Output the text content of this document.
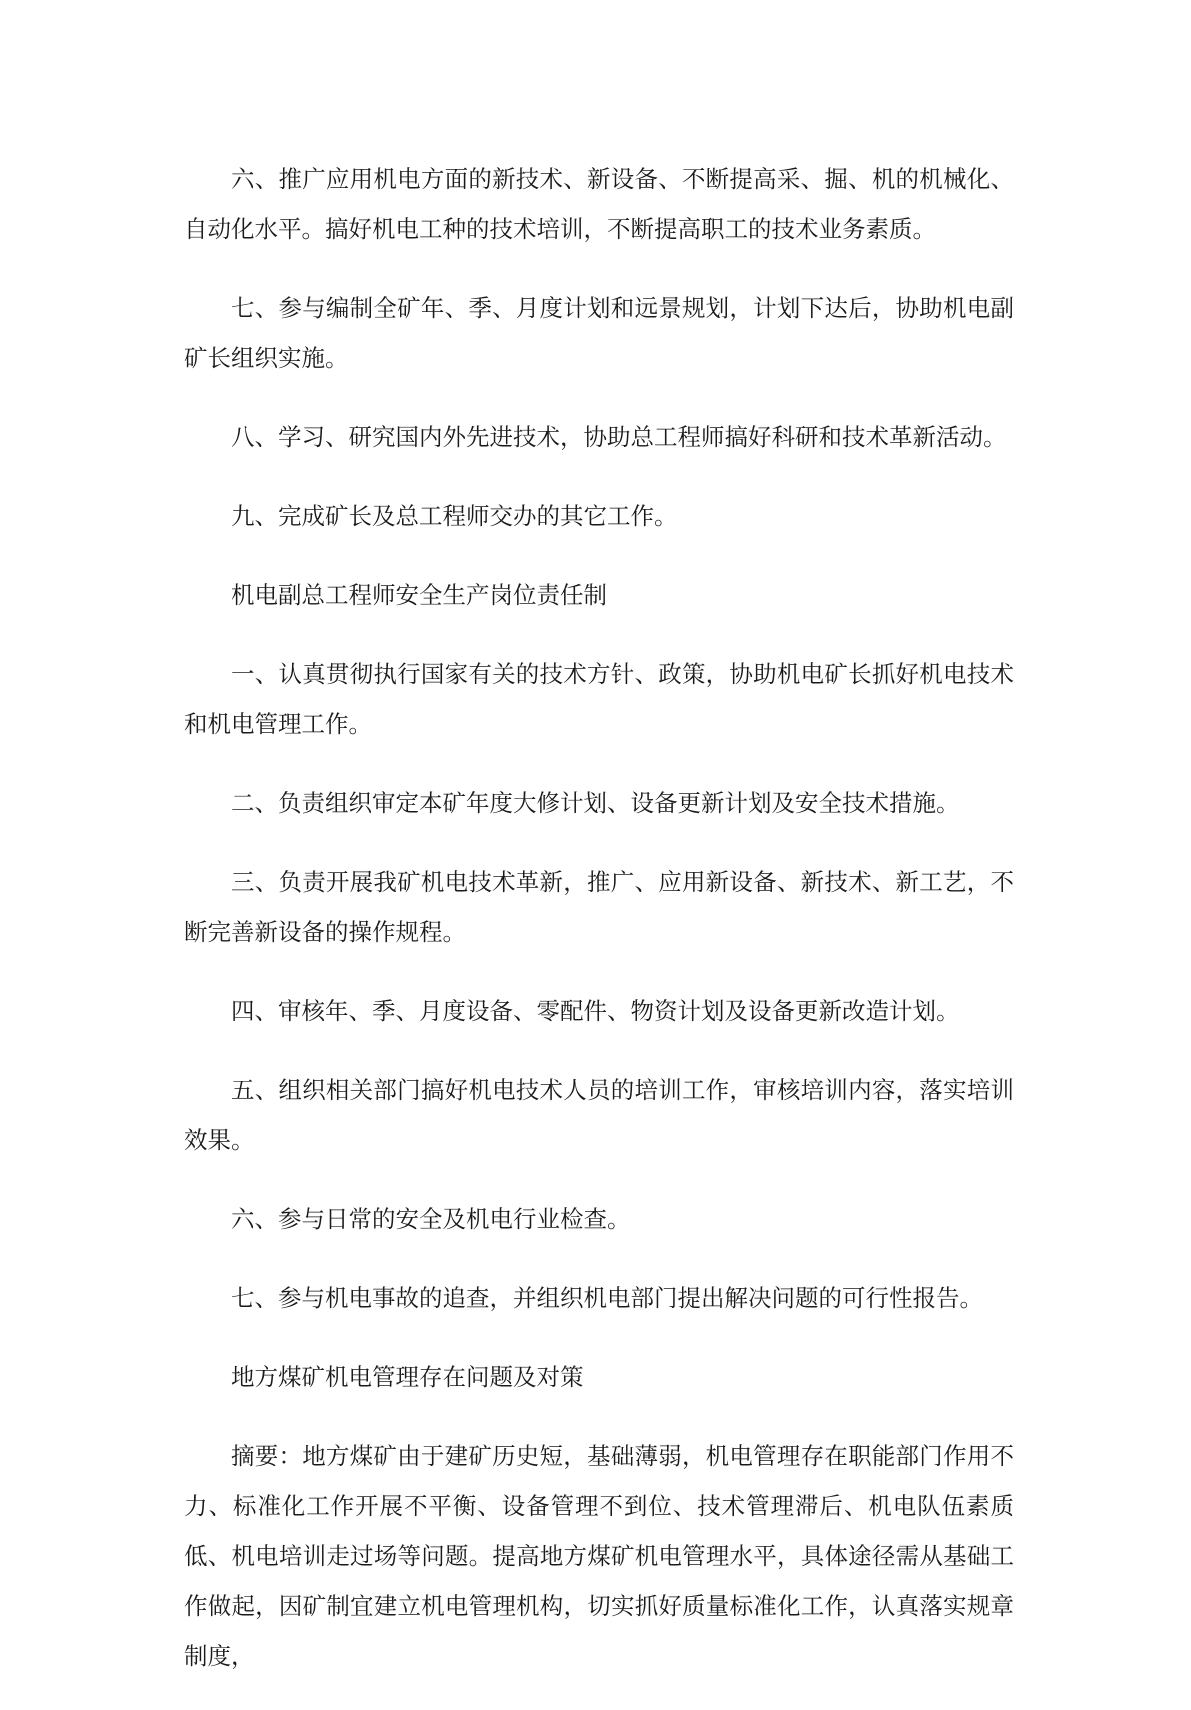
六、推广应用机电方面的新技术、新设备、不断提高采、掘、机的机械化、自动化水平。搞好机电工种的技术培训，不断提高职工的技术业务素质。

七、参与编制全矿年、季、月度计划和远景规划，计划下达后，协助机电副矿长组织实施。

八、学习、研究国内外先进技术，协助总工程师搞好科研和技术革新活动。

九、完成矿长及总工程师交办的其它工作。

机电副总工程师安全生产岗位责任制

一、认真贯彻执行国家有关的技术方针、政策，协助机电矿长抓好机电技术和机电管理工作。

二、负责组织审定本矿年度大修计划、设备更新计划及安全技术措施。

三、负责开展我矿机电技术革新，推广、应用新设备、新技术、新工艺，不断完善新设备的操作规程。

四、审核年、季、月度设备、零配件、物资计划及设备更新改造计划。

五、组织相关部门搞好机电技术人员的培训工作，审核培训内容，落实培训效果。

六、参与日常的安全及机电行业检查。

七、参与机电事故的追查，并组织机电部门提出解决问题的可行性报告。

地方煤矿机电管理存在问题及对策

摘要：地方煤矿由于建矿历史短，基础薄弱，机电管理存在职能部门作用不力、标准化工作开展不平衡、设备管理不到位、技术管理滞后、机电队伍素质低、机电培训走过场等问题。提高地方煤矿机电管理水平，具体途径需从基础工作做起，因矿制宜建立机电管理机构，切实抓好质量标准化工作，认真落实规章制度，
